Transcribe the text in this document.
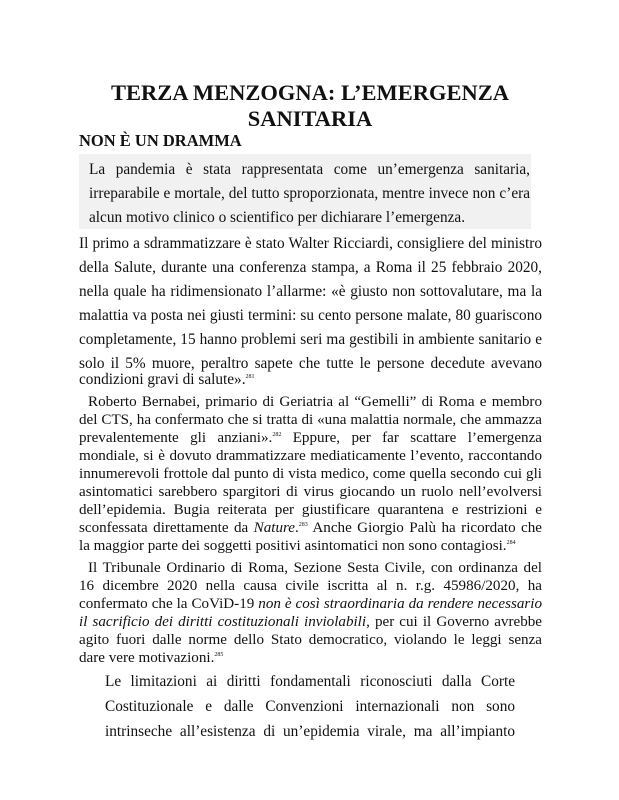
TERZA MENZOGNA: L’EMERGENZA
SANITARIA
NON È UN DRAMMA
La pandemia è stata rappresentata come un’emergenza sanitaria,
irreparabile e mortale, del tutto sproporzionata, mentre invece non c’era
alcun motivo clinico o scientifico per dichiarare l’emergenza.
Il primo a sdrammatizzare è stato Walter Ricciardi, consigliere del ministro
della Salute, durante una conferenza stampa, a Roma il 25 febbraio 2020,
nella quale ha ridimensionato l’allarme: «è giusto non sottovalutare, ma la
malattia va posta nei giusti termini: su cento persone malate, 80 guariscono
completamente, 15 hanno problemi seri ma gestibili in ambiente sanitario e
solo il 5% muore, peraltro sapete che tutte le persone decedute avevano
condizioni gravi di salute».$^{281}$
Roberto Bernabei, primario di Geriatria al “Gemelli” di Roma e membro
del CTS, ha confermato che si tratta di «una malattia normale, che ammazza
prevalentemente gli anziani».$^{282}$ Eppure, per far scattare l’emergenza
mondiale, si è dovuto drammatizzare mediaticamente l’evento, raccontando
innumerevoli frottole dal punto di vista medico, come quella secondo cui gli
asintomatici sarebbero spargitori di virus giocando un ruolo nell’evolversi
dell’epidemia. Bugia reiterata per giustificare quarantena e restrizioni e
sconfessata direttamente da Nature.$^{283}$ Anche Giorgio Palù ha ricordato che
la maggior parte dei soggetti positivi asintomatici non sono contagiosi.$^{284}$
Il Tribunale Ordinario di Roma, Sezione Sesta Civile, con ordinanza del
16 dicembre 2020 nella causa civile iscritta al n. r.g. 45986/2020, ha
confermato che la CoViD-19 non è così straordinaria da rendere necessario
il sacrificio dei diritti costituzionali inviolabili, per cui il Governo avrebbe
agito fuori dalle norme dello Stato democratico, violando le leggi senza
dare vere motivazioni.$^{285}$
Le limitazioni ai diritti fondamentali riconosciuti dalla Corte
Costituzionale e dalle Convenzioni internazionali non sono
intrinseche all’esistenza di un’epidemia virale, ma all’impianto
